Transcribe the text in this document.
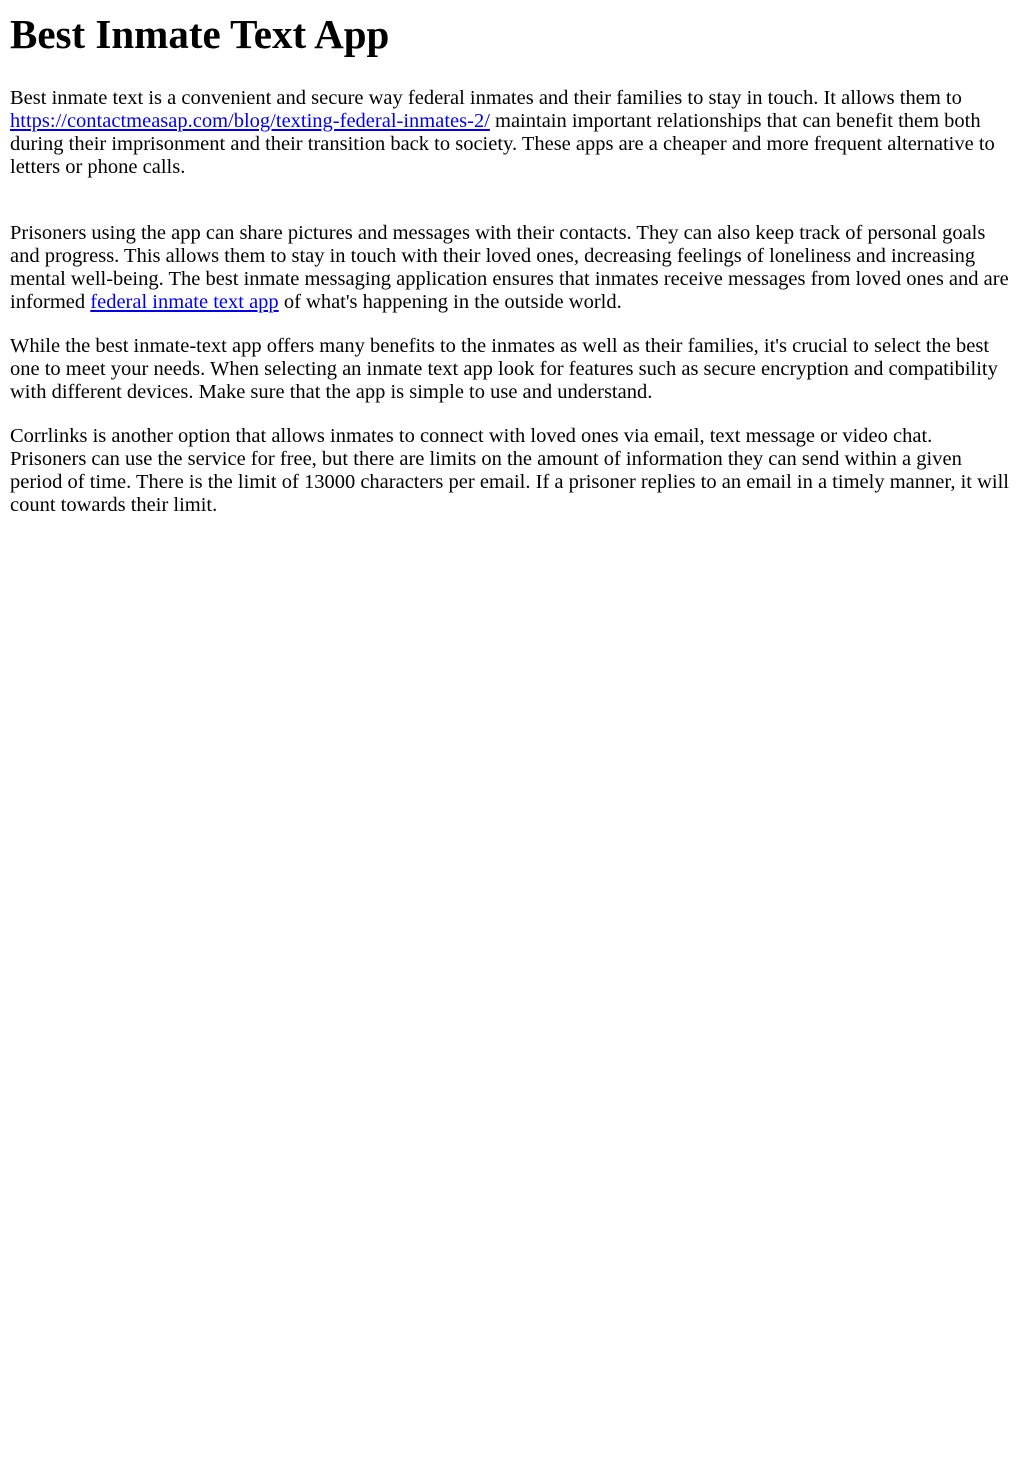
Best Inmate Text App

Best inmate text is a convenient and secure way federal inmates and their families to stay in touch. It allows them to https://contactmeasap.com/blog/texting-federal-inmates-2/ maintain important relationships that can benefit them both during their imprisonment and their transition back to society. These apps are a cheaper and more frequent alternative to letters or phone calls.

Prisoners using the app can share pictures and messages with their contacts. They can also keep track of personal goals and progress. This allows them to stay in touch with their loved ones, decreasing feelings of loneliness and increasing mental well-being. The best inmate messaging application ensures that inmates receive messages from loved ones and are informed federal inmate text app of what's happening in the outside world.

While the best inmate-text app offers many benefits to the inmates as well as their families, it's crucial to select the best one to meet your needs. When selecting an inmate text app look for features such as secure encryption and compatibility with different devices. Make sure that the app is simple to use and understand.

Corrlinks is another option that allows inmates to connect with loved ones via email, text message or video chat. Prisoners can use the service for free, but there are limits on the amount of information they can send within a given period of time. There is the limit of 13000 characters per email. If a prisoner replies to an email in a timely manner, it will count towards their limit.
